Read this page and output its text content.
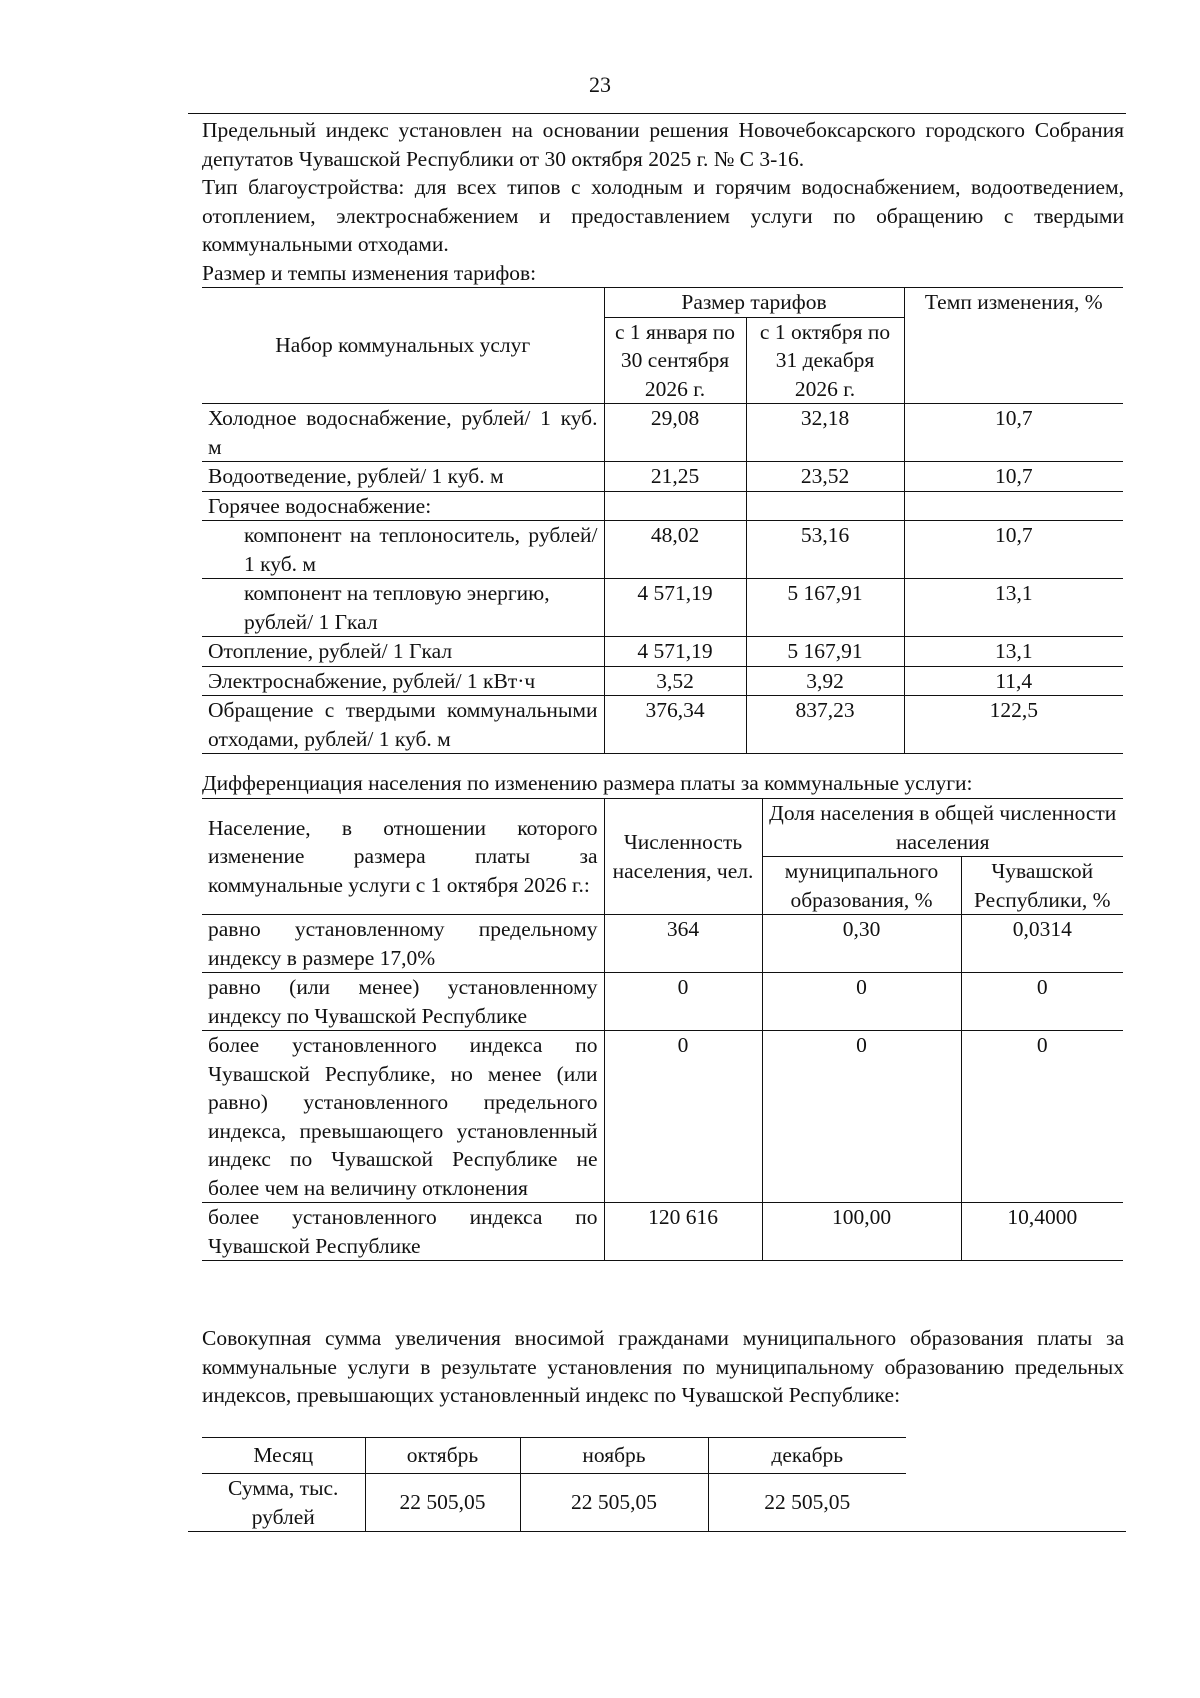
23

Предельный индекс установлен на основании решения Новочебоксарского городского Собрания депутатов Чувашской Республики от 30 октября 2025 г. № С 3-16.

Тип благоустройства: для всех типов с холодным и горячим водоснабжением, водоотведением, отоплением, электроснабжением и предоставлением услуги по обращению с твердыми коммунальными отходами.

Размер и темпы изменения тарифов:

Набор коммунальных услуг	Размер тарифов		Темп изменения, %
	с 1 января по 30 сентября 2026 г.	с 1 октября по 31 декабря 2026 г.	
Холодное водоснабжение, рублей/ 1 куб. м	29,08	32,18	10,7
Водоотведение, рублей/ 1 куб. м	21,25	23,52	10,7
Горячее водоснабжение:			
компонент на теплоноситель, рублей/ 1 куб. м	48,02	53,16	10,7
компонент на тепловую энергию, рублей/ 1 Гкал	4 571,19	5 167,91	13,1
Отопление, рублей/ 1 Гкал	4 571,19	5 167,91	13,1
Электроснабжение, рублей/ 1 кВт·ч	3,52	3,92	11,4
Обращение с твердыми коммунальными отходами, рублей/ 1 куб. м	376,34	837,23	122,5

Дифференциация населения по изменению размера платы за коммунальные услуги:

Население, в отношении которого изменение размера платы за коммунальные услуги с 1 октября 2026 г.:	Численность населения, чел.	Доля населения в общей численности населения	
		муниципального образования, %	Чувашской Республики, %
равно установленному предельному индексу в размере 17,0%	364	0,30	0,0314
равно (или менее) установленному индексу по Чувашской Республике	0	0	0
более установленного индекса по Чувашской Республике, но менее (или равно) установленного предельного индекса, превышающего установленный индекс по Чувашской Республике не более чем на величину отклонения	0	0	0
более установленного индекса по Чувашской Республике	120 616	100,00	10,4000

Совокупная сумма увеличения вносимой гражданами муниципального образования платы за коммунальные услуги в результате установления по муниципальному образованию предельных индексов, превышающих установленный индекс по Чувашской Республике:

Месяц	октябрь	ноябрь	декабрь
Сумма, тыс. рублей	22 505,05	22 505,05	22 505,05
